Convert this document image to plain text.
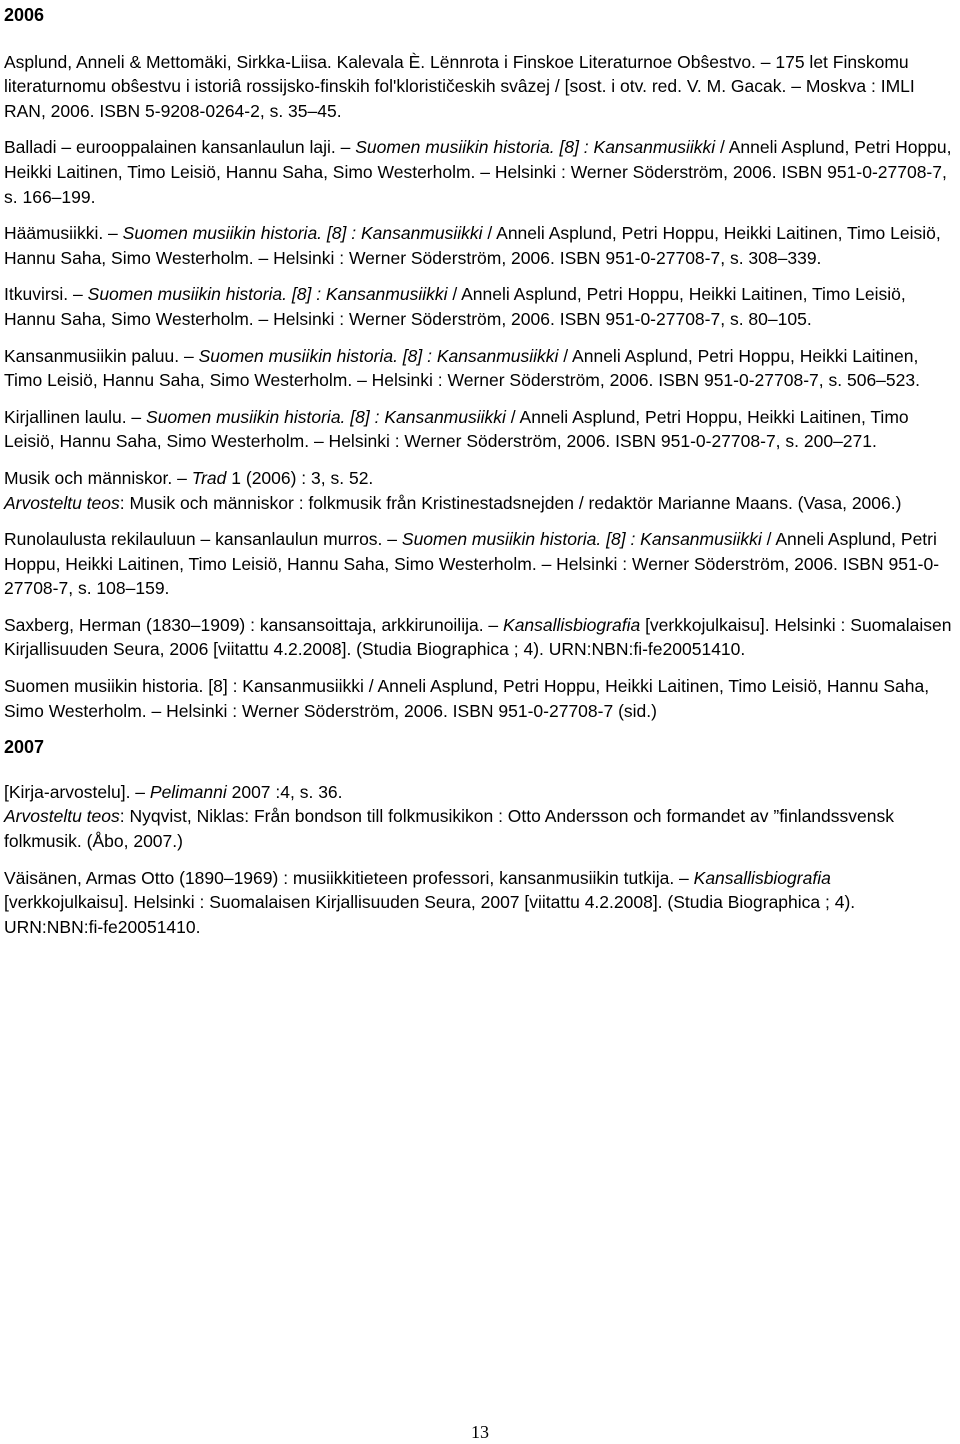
2006

Asplund, Anneli & Mettomäki, Sirkka-Liisa. Kalevala È. Lënnrota i Finskoe Literaturnoe Obŝestvo. – 175 let Finskomu literaturnomu obŝestvu i istoriâ rossijsko-finskih fol'klorističeskih svâzej / [sost. i otv. red. V. M. Gacak. – Moskva : IMLI RAN, 2006. ISBN 5-9208-0264-2, s. 35–45.

Balladi – eurooppalainen kansanlaulun laji. – Suomen musiikin historia. [8] : Kansanmusiikki / Anneli Asplund, Petri Hoppu, Heikki Laitinen, Timo Leisiö, Hannu Saha, Simo Westerholm. – Helsinki : Werner Söderström, 2006. ISBN 951-0-27708-7, s. 166–199.

Häämusiikki. – Suomen musiikin historia. [8] : Kansanmusiikki / Anneli Asplund, Petri Hoppu, Heikki Laitinen, Timo Leisiö, Hannu Saha, Simo Westerholm. – Helsinki : Werner Söderström, 2006. ISBN 951-0-27708-7, s. 308–339.

Itkuvirsi. – Suomen musiikin historia. [8] : Kansanmusiikki / Anneli Asplund, Petri Hoppu, Heikki Laitinen, Timo Leisiö, Hannu Saha, Simo Westerholm. – Helsinki : Werner Söderström, 2006. ISBN 951-0-27708-7, s. 80–105.

Kansanmusiikin paluu. – Suomen musiikin historia. [8] : Kansanmusiikki / Anneli Asplund, Petri Hoppu, Heikki Laitinen, Timo Leisiö, Hannu Saha, Simo Westerholm. – Helsinki : Werner Söderström, 2006. ISBN 951-0-27708-7, s. 506–523.

Kirjallinen laulu. – Suomen musiikin historia. [8] : Kansanmusiikki / Anneli Asplund, Petri Hoppu, Heikki Laitinen, Timo Leisiö, Hannu Saha, Simo Westerholm. – Helsinki : Werner Söderström, 2006. ISBN 951-0-27708-7, s. 200–271.

Musik och människor. – Trad 1 (2006) : 3, s. 52.

Arvosteltu teos: Musik och människor : folkmusik från Kristinestadsnejden / redaktör Marianne Maans. (Vasa, 2006.)

Runolaulusta rekilauluun – kansanlaulun murros. – Suomen musiikin historia. [8] : Kansanmusiikki / Anneli Asplund, Petri Hoppu, Heikki Laitinen, Timo Leisiö, Hannu Saha, Simo Westerholm. – Helsinki : Werner Söderström, 2006. ISBN 951-0-27708-7, s. 108–159.

Saxberg, Herman (1830–1909) : kansansoittaja, arkkirunoilija. – Kansallisbiografia [verkkojulkaisu]. Helsinki : Suomalaisen Kirjallisuuden Seura, 2006 [viitattu 4.2.2008]. (Studia Biographica ; 4). URN:NBN:fi-fe20051410.

Suomen musiikin historia. [8] : Kansanmusiikki / Anneli Asplund, Petri Hoppu, Heikki Laitinen, Timo Leisiö, Hannu Saha, Simo Westerholm. – Helsinki : Werner Söderström, 2006. ISBN 951-0-27708-7 (sid.)

2007

[Kirja-arvostelu]. – Pelimanni 2007 :4, s. 36.

Arvosteltu teos: Nyqvist, Niklas: Från bondson till folkmusikikon : Otto Andersson och formandet av ”finlandssvensk folkmusik. (Åbo, 2007.)

Väisänen, Armas Otto (1890–1969) : musiikkitieteen professori, kansanmusiikin tutkija. – Kansallisbiografia [verkkojulkaisu]. Helsinki : Suomalaisen Kirjallisuuden Seura, 2007 [viitattu 4.2.2008]. (Studia Biographica ; 4). URN:NBN:fi-fe20051410.

13
